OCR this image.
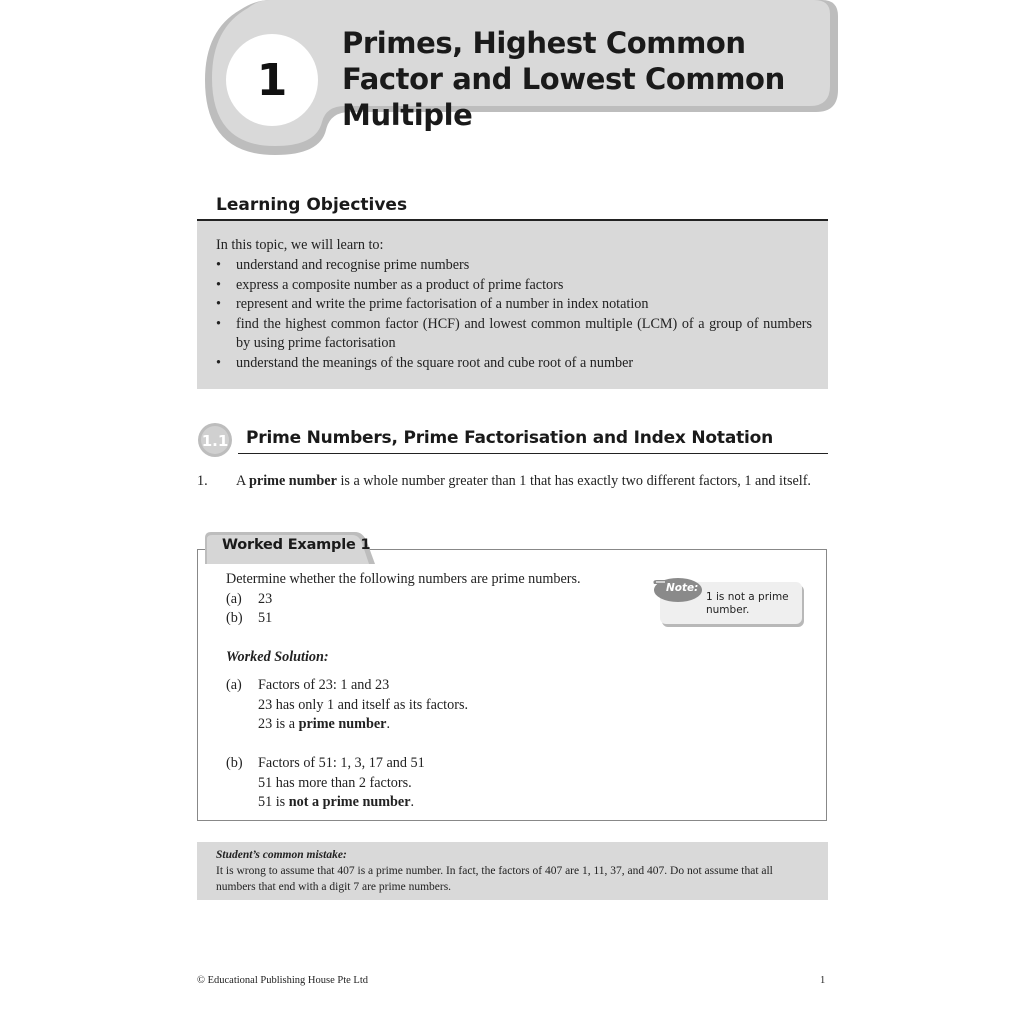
1
Primes, Highest Common Factor and Lowest Common Multiple
Learning Objectives
In this topic, we will learn to:
• understand and recognise prime numbers
• express a composite number as a product of prime factors
• represent and write the prime factorisation of a number in index notation
• find the highest common factor (HCF) and lowest common multiple (LCM) of a group of numbers by using prime factorisation
• understand the meanings of the square root and cube root of a number
1.1 Prime Numbers, Prime Factorisation and Index Notation
1. A prime number is a whole number greater than 1 that has exactly two different factors, 1 and itself.

Worked Example 1

Determine whether the following numbers are prime numbers.

(a) 23
(b) 51

Worked Solution:

(a) Factors of 23: 1 and 23
23 has only 1 and itself as its factors.
23 is a prime number.
(b) Factors of 51: 1, 3, 17 and 51
51 has more than 2 factors.
51 is not a prime number.
Note:
1 is not a prime number.

Student’s common mistake:

It is wrong to assume that 407 is a prime number. In fact, the factors of 407 are 1, 11, 37, and 407. Do not assume that all numbers that end with a digit 7 are prime numbers.

© Educational Publishing House Pte Ltd	1
